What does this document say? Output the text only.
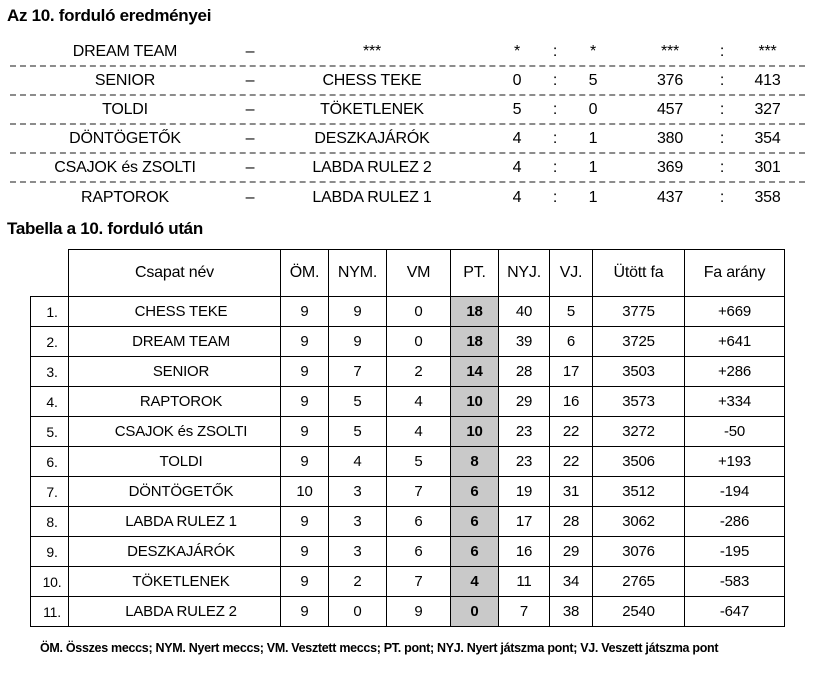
Az 10. forduló eredményei
DREAM TEAM	–	***	*	:	*	***	:	***
SENIOR	–	CHESS TEKE	0	:	5	376	:	413
TOLDI	–	TÖKETLENEK	5	:	0	457	:	327
DÖNTÖGETŐK	–	DESZKAJÁRÓK	4	:	1	380	:	354
CSAJOK és ZSOLTI	–	LABDA RULEZ 2	4	:	1	369	:	301
RAPTOROK	–	LABDA RULEZ 1	4	:	1	437	:	358
Tabella a 10. forduló után
	Csapat név	ÖM.	NYM.	VM	PT.	NYJ.	VJ.	Ütött fa	Fa arány
1.	CHESS TEKE	9	9	0	18	40	5	3775	+669
2.	DREAM TEAM	9	9	0	18	39	6	3725	+641
3.	SENIOR	9	7	2	14	28	17	3503	+286
4.	RAPTOROK	9	5	4	10	29	16	3573	+334
5.	CSAJOK és ZSOLTI	9	5	4	10	23	22	3272	-50
6.	TOLDI	9	4	5	8	23	22	3506	+193
7.	DÖNTÖGETŐK	10	3	7	6	19	31	3512	-194
8.	LABDA RULEZ 1	9	3	6	6	17	28	3062	-286
9.	DESZKAJÁRÓK	9	3	6	6	16	29	3076	-195
10.	TÖKETLENEK	9	2	7	4	11	34	2765	-583
11.	LABDA RULEZ 2	9	0	9	0	7	38	2540	-647

ÖM. Összes meccs; NYM. Nyert meccs; VM. Vesztett meccs; PT. pont; NYJ. Nyert játszma pont; VJ. Veszett játszma pont
